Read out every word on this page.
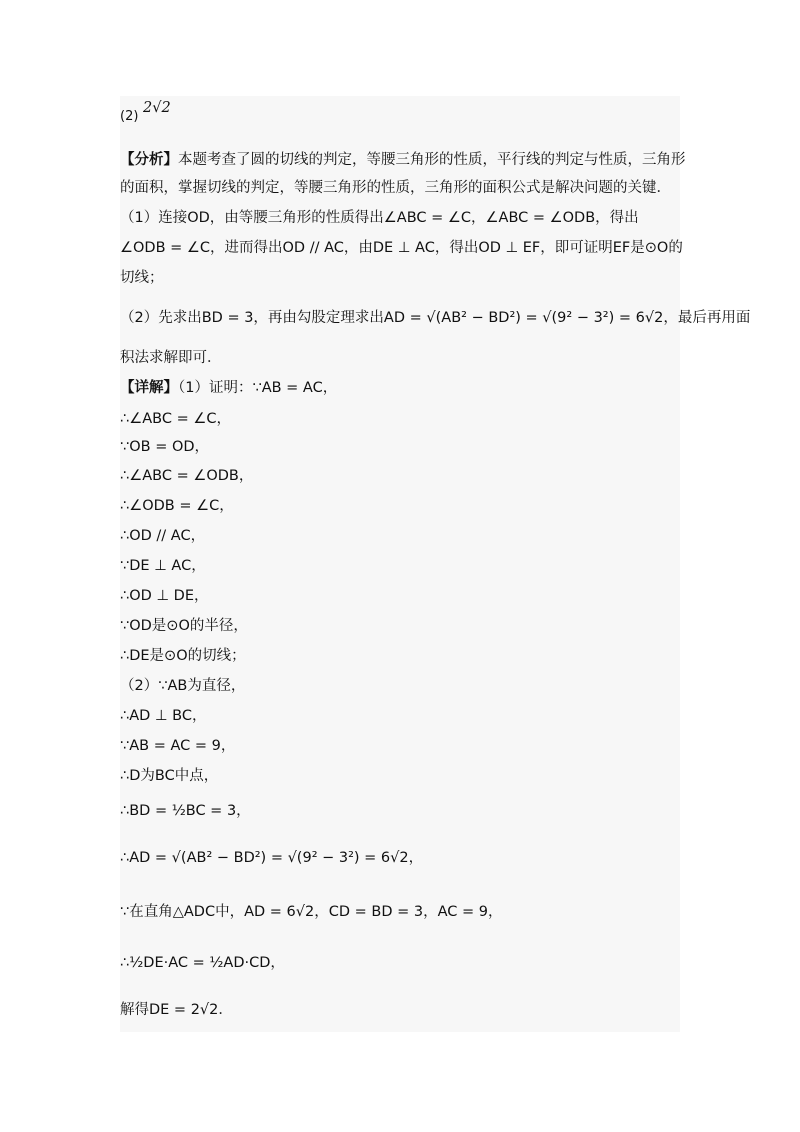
(2) 2√2
【分析】本题考查了圆的切线的判定，等腰三角形的性质，平行线的判定与性质，三角形
的面积，掌握切线的判定，等腰三角形的性质，三角形的面积公式是解决问题的关键．
（1）连接OD，由等腰三角形的性质得出∠ABC = ∠C，∠ABC = ∠ODB，得出
∠ODB = ∠C，进而得出OD // AC，由DE ⊥ AC，得出OD ⊥ EF，即可证明EF是⊙O的
切线；
（2）先求出BD = 3，再由勾股定理求出AD = √(AB² − BD²) = √(9² − 3²) = 6√2，最后再用面
积法求解即可．
【详解】（1）证明：∵AB = AC，
∴∠ABC = ∠C，
∵OB = OD，
∴∠ABC = ∠ODB，
∴∠ODB = ∠C，
∴OD // AC，
∵DE ⊥ AC，
∴OD ⊥ DE，
∵OD是⊙O的半径，
∴DE是⊙O的切线；
（2）∵AB为直径，
∴AD ⊥ BC，
∵AB = AC = 9，
∴D为BC中点，
∴BD = ½BC = 3，
∴AD = √(AB² − BD²) = √(9² − 3²) = 6√2，
∵在直角△ADC中，AD = 6√2，CD = BD = 3，AC = 9，
∴½DE·AC = ½AD·CD，
解得DE = 2√2．
